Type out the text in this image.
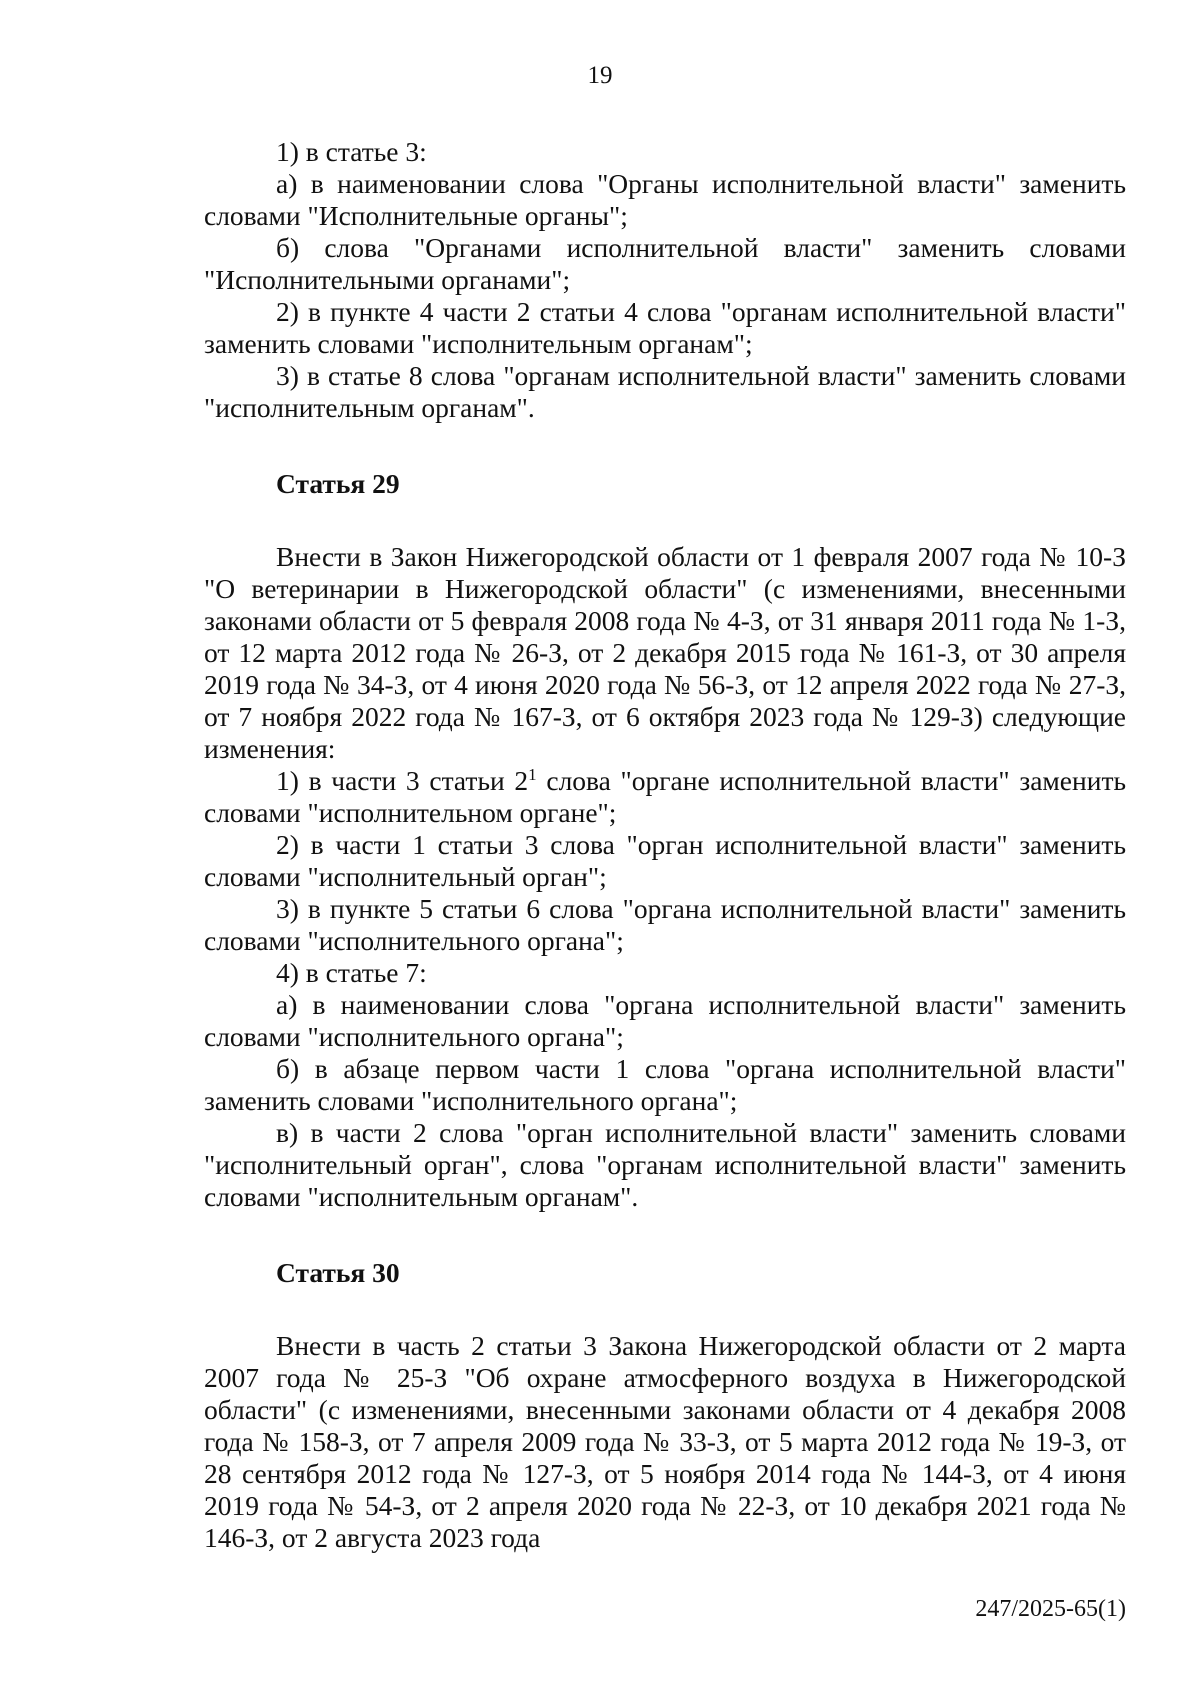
19

1) в статье 3:

а) в наименовании слова "Органы исполнительной власти" заменить словами "Исполнительные органы";

б) слова "Органами исполнительной власти" заменить словами "Исполнительными органами";

2) в пункте 4 части 2 статьи 4 слова "органам исполнительной власти" заменить словами "исполнительным органам";

3) в статье 8 слова "органам исполнительной власти" заменить словами "исполнительным органам".

Статья 29

Внести в Закон Нижегородской области от 1 февраля 2007 года № 10-З "О ветеринарии в Нижегородской области" (с изменениями, внесенными законами области от 5 февраля 2008 года № 4-З, от 31 января 2011 года № 1-З, от 12 марта 2012 года № 26-З, от 2 декабря 2015 года № 161-З, от 30 апреля 2019 года № 34-З, от 4 июня 2020 года № 56-З, от 12 апреля 2022 года № 27-З, от 7 ноября 2022 года № 167-З, от 6 октября 2023 года № 129-З) следующие изменения:

1) в части 3 статьи $2^1$ слова "органе исполнительной власти" заменить словами "исполнительном органе";

2) в части 1 статьи 3 слова "орган исполнительной власти" заменить словами "исполнительный орган";

3) в пункте 5 статьи 6 слова "органа исполнительной власти" заменить словами "исполнительного органа";

4) в статье 7:

а) в наименовании слова "органа исполнительной власти" заменить словами "исполнительного органа";

б) в абзаце первом части 1 слова "органа исполнительной власти" заменить словами "исполнительного органа";

в) в части 2 слова "орган исполнительной власти" заменить словами "исполнительный орган", слова "органам исполнительной власти" заменить словами "исполнительным органам".

Статья 30

Внести в часть 2 статьи 3 Закона Нижегородской области от 2 марта 2007 года № 25-З "Об охране атмосферного воздуха в Нижегородской области" (с изменениями, внесенными законами области от 4 декабря 2008 года № 158-З, от 7 апреля 2009 года № 33-З, от 5 марта 2012 года № 19-З, от 28 сентября 2012 года № 127-З, от 5 ноября 2014 года № 144-З, от 4 июня 2019 года № 54-З, от 2 апреля 2020 года № 22-З, от 10 декабря 2021 года № 146-З, от 2 августа 2023 года

247/2025-65(1)
